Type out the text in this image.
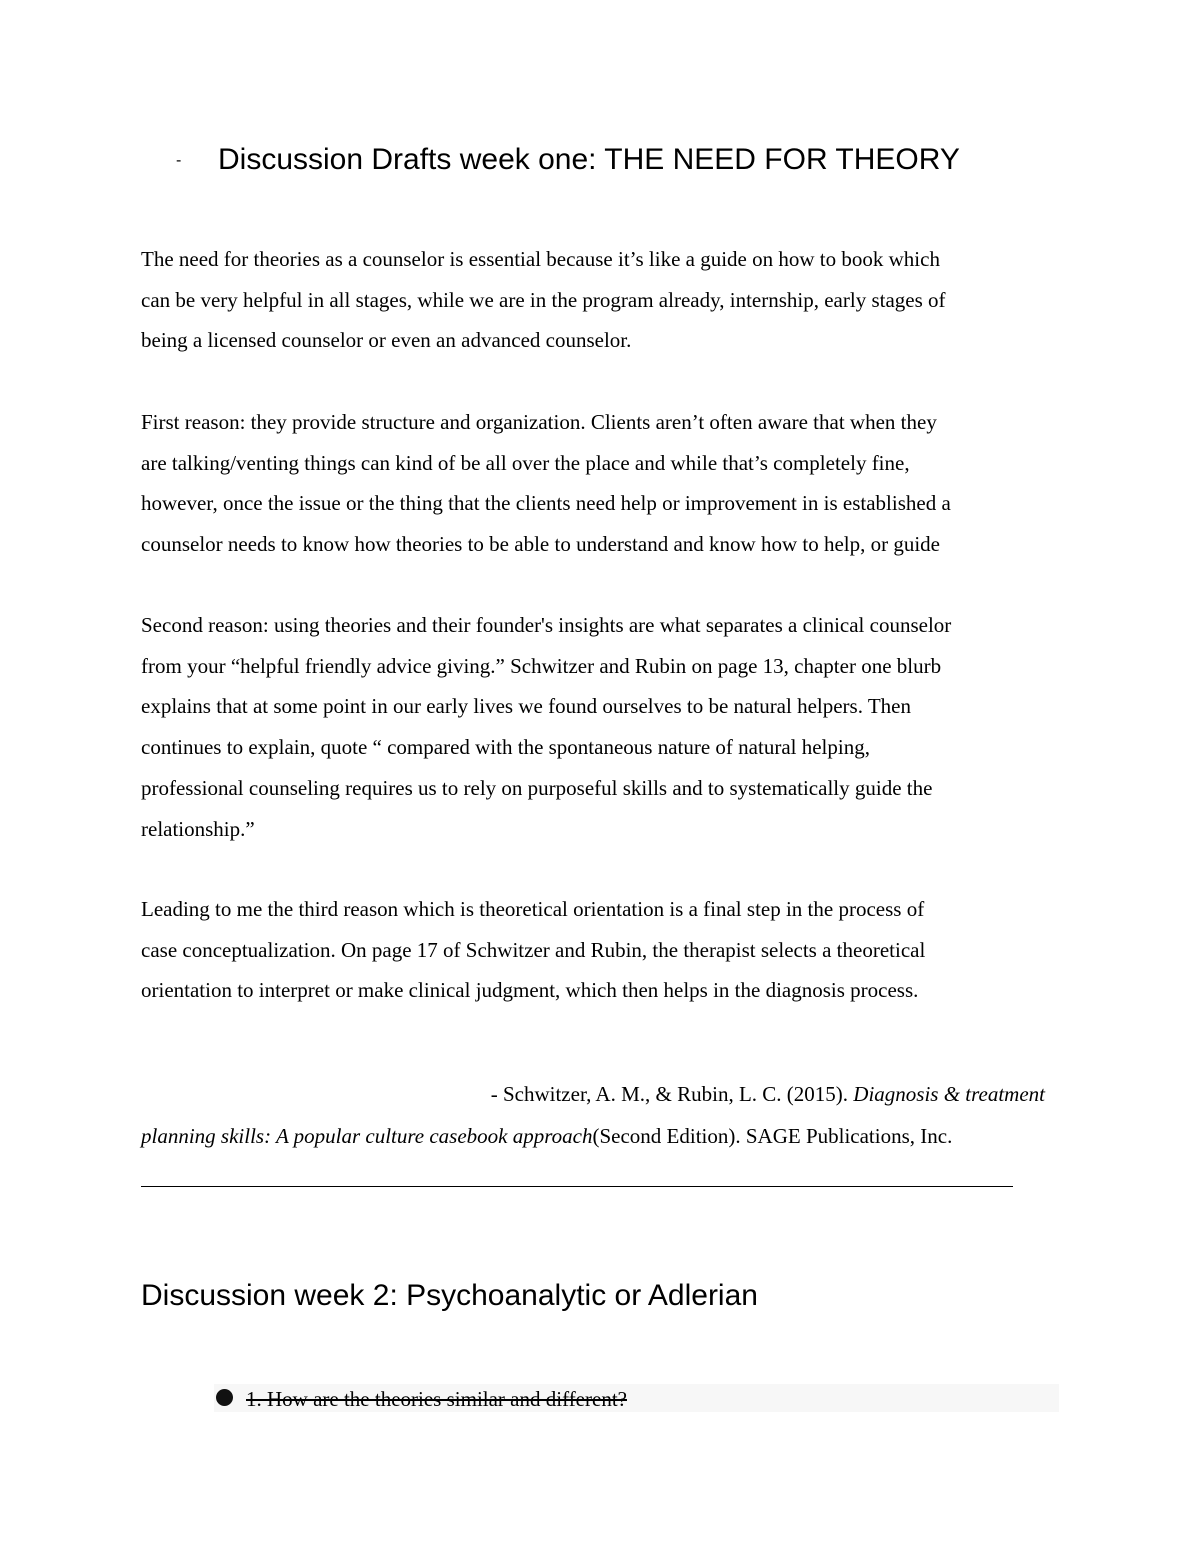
- Discussion Drafts week one: THE NEED FOR THEORY

The need for theories as a counselor is essential because it’s like a guide on how to book which
can be very helpful in all stages, while we are in the program already, internship, early stages of
being a licensed counselor or even an advanced counselor.

First reason: they provide structure and organization. Clients aren’t often aware that when they
are talking/venting things can kind of be all over the place and while that’s completely fine,
however, once the issue or the thing that the clients need help or improvement in is established a
counselor needs to know how theories to be able to understand and know how to help, or guide

Second reason: using theories and their founder's insights are what separates a clinical counselor
from your “helpful friendly advice giving.” Schwitzer and Rubin on page 13, chapter one blurb
explains that at some point in our early lives we found ourselves to be natural helpers. Then
continues to explain, quote “ compared with the spontaneous nature of natural helping,
professional counseling requires us to rely on purposeful skills and to systematically guide the
relationship.”

Leading to me the third reason which is theoretical orientation is a final step in the process of
case conceptualization. On page 17 of Schwitzer and Rubin, the therapist selects a theoretical
orientation to interpret or make clinical judgment, which then helps in the diagnosis process.

- Schwitzer, A. M., & Rubin, L. C. (2015). Diagnosis & treatment
planning skills: A popular culture casebook approach(Second Edition). SAGE Publications, Inc.
Discussion week 2: Psychoanalytic or Adlerian
1. How are the theories similar and different?
